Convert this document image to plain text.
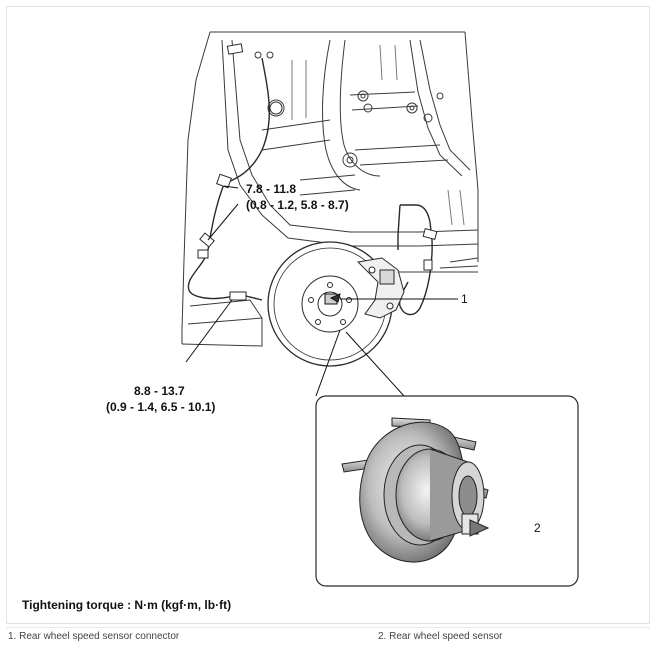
7.8 - 11.8
(0.8 - 1.2, 5.8 - 8.7)
8.8 - 13.7
(0.9 - 1.4, 6.5 - 10.1)
1
2
Tightening torque : N·m (kgf·m, lb·ft)
1. Rear wheel speed sensor connector	2. Rear wheel speed sensor
